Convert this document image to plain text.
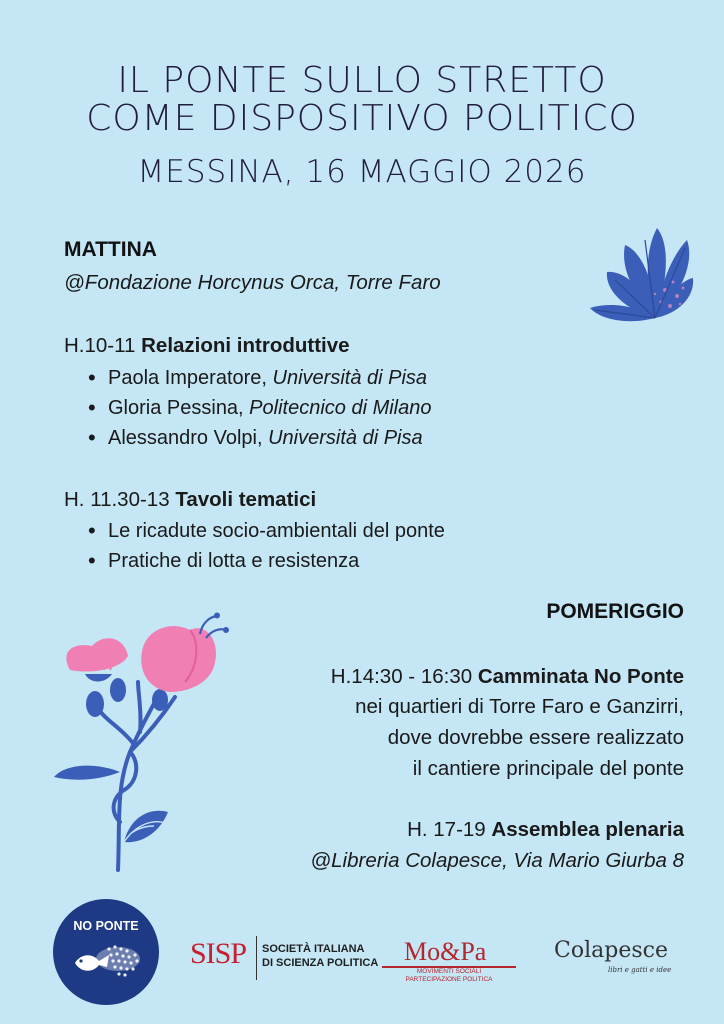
IL PONTE SULLO STRETTO
COME DISPOSITIVO POLITICO
MESSINA, 16 MAGGIO 2026
MATTINA
@Fondazione Horcynus Orca, Torre Faro
H.10-11 Relazioni introduttive
• Paola Imperatore, Università di Pisa
• Gloria Pessina, Politecnico di Milano
• Alessandro Volpi, Università di Pisa
H. 11.30-13 Tavoli tematici
• Le ricadute socio-ambientali del ponte
• Pratiche di lotta e resistenza
POMERIGGIO
H.14:30 - 16:30 Camminata No Ponte
nei quartieri di Torre Faro e Ganzirri,
dove dovrebbe essere realizzato
il cantiere principale del ponte
H. 17-19 Assemblea plenaria
@Libreria Colapesce, Via Mario Giurba 8
NO PONTE
SISP SOCIETÀ ITALIANA
DI SCIENZA POLITICA Mo&Pa
MOVIMENTI SOCIALI
PARTECIPAZIONE POLITICA
Colapesce
libri e gatti e idee
